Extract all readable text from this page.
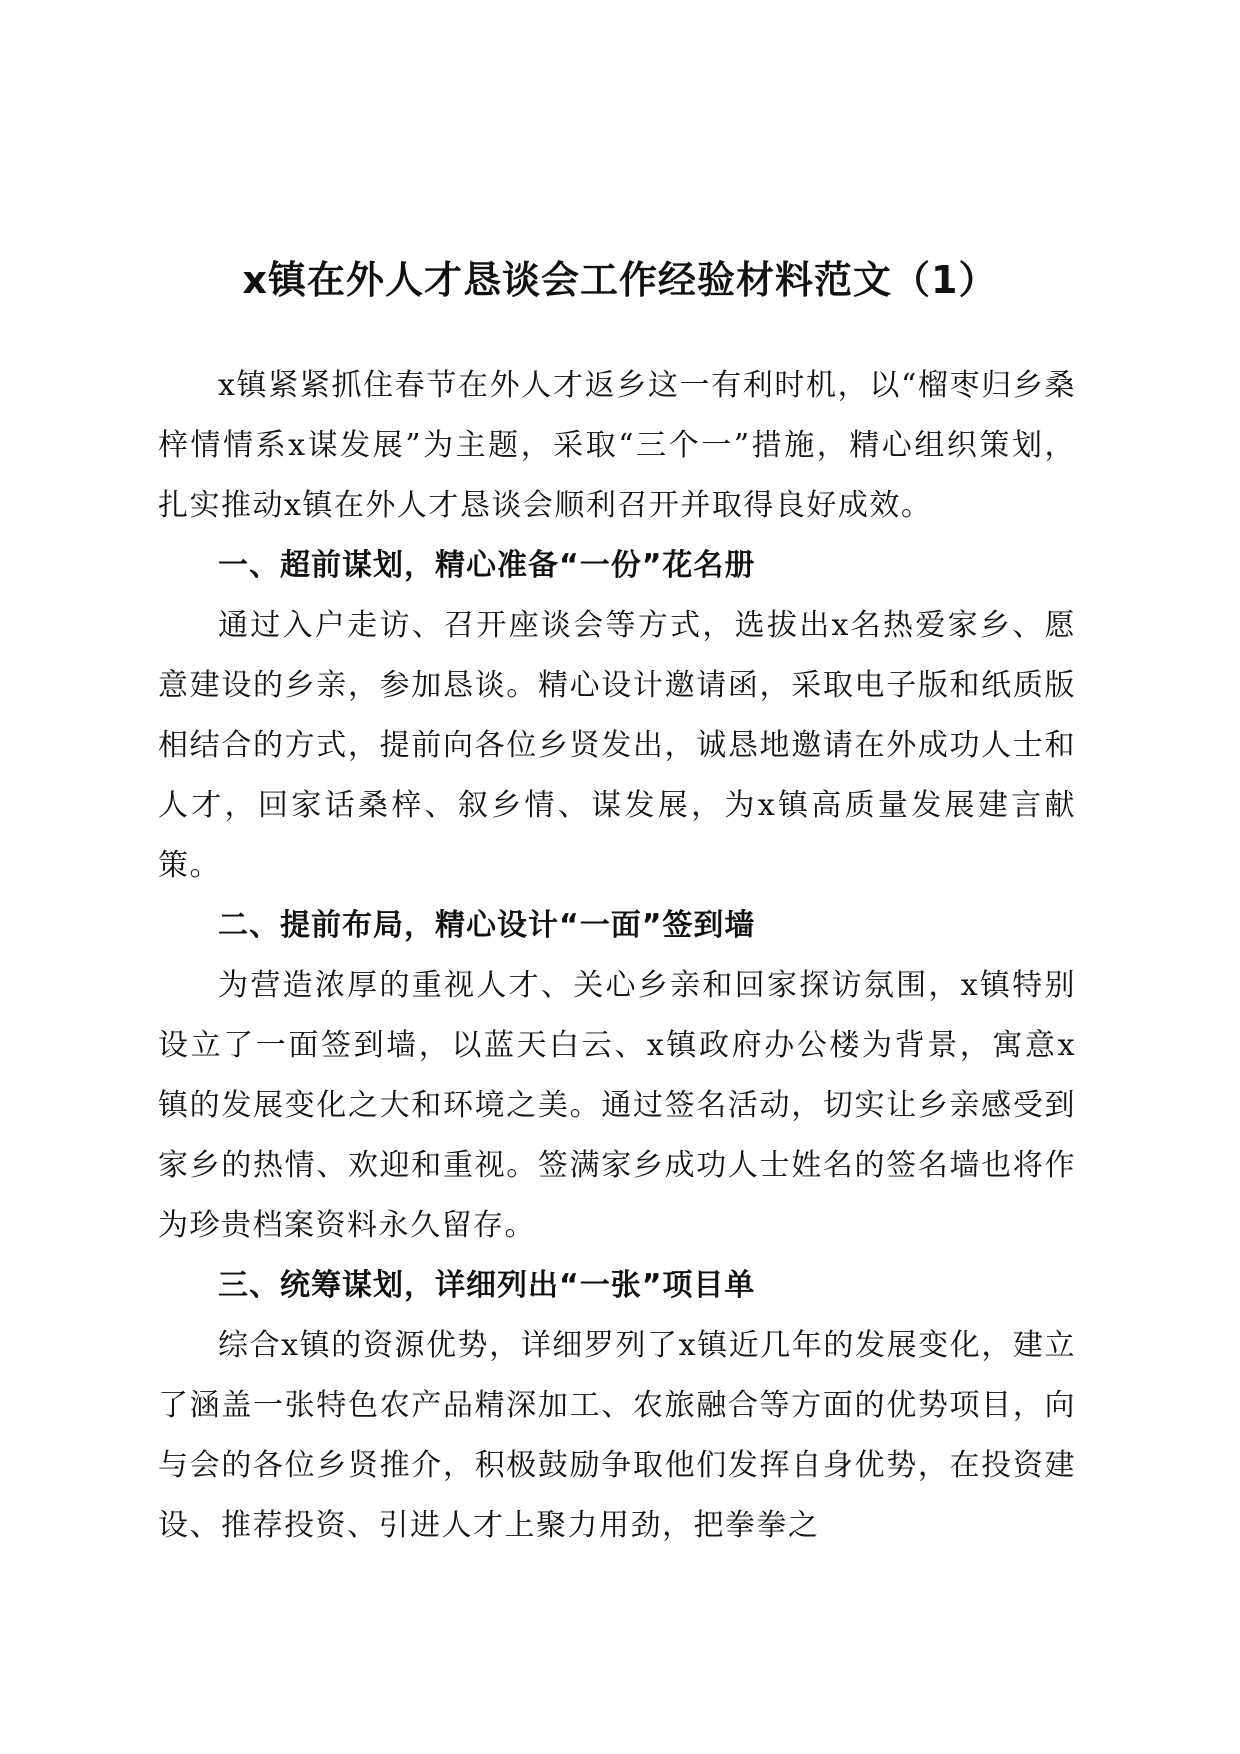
x镇在外人才恳谈会工作经验材料范文（1）

x镇紧紧抓住春节在外人才返乡这一有利时机，以“榴枣归乡桑梓情情系x谋发展”为主题，采取“三个一”措施，精心组织策划，扎实推动x镇在外人才恳谈会顺利召开并取得良好成效。

一、超前谋划，精心准备“一份”花名册

通过入户走访、召开座谈会等方式，选拔出x名热爱家乡、愿意建设的乡亲，参加恳谈。精心设计邀请函，采取电子版和纸质版相结合的方式，提前向各位乡贤发出，诚恳地邀请在外成功人士和人才，回家话桑梓、叙乡情、谋发展，为x镇高质量发展建言献策。

二、提前布局，精心设计“一面”签到墙

为营造浓厚的重视人才、关心乡亲和回家探访氛围，x镇特别设立了一面签到墙，以蓝天白云、x镇政府办公楼为背景，寓意x镇的发展变化之大和环境之美。通过签名活动，切实让乡亲感受到家乡的热情、欢迎和重视。签满家乡成功人士姓名的签名墙也将作为珍贵档案资料永久留存。

三、统筹谋划，详细列出“一张”项目单

综合x镇的资源优势，详细罗列了x镇近几年的发展变化，建立了涵盖一张特色农产品精深加工、农旅融合等方面的优势项目，向与会的各位乡贤推介，积极鼓励争取他们发挥自身优势，在投资建设、推荐投资、引进人才上聚力用劲，把拳拳之
